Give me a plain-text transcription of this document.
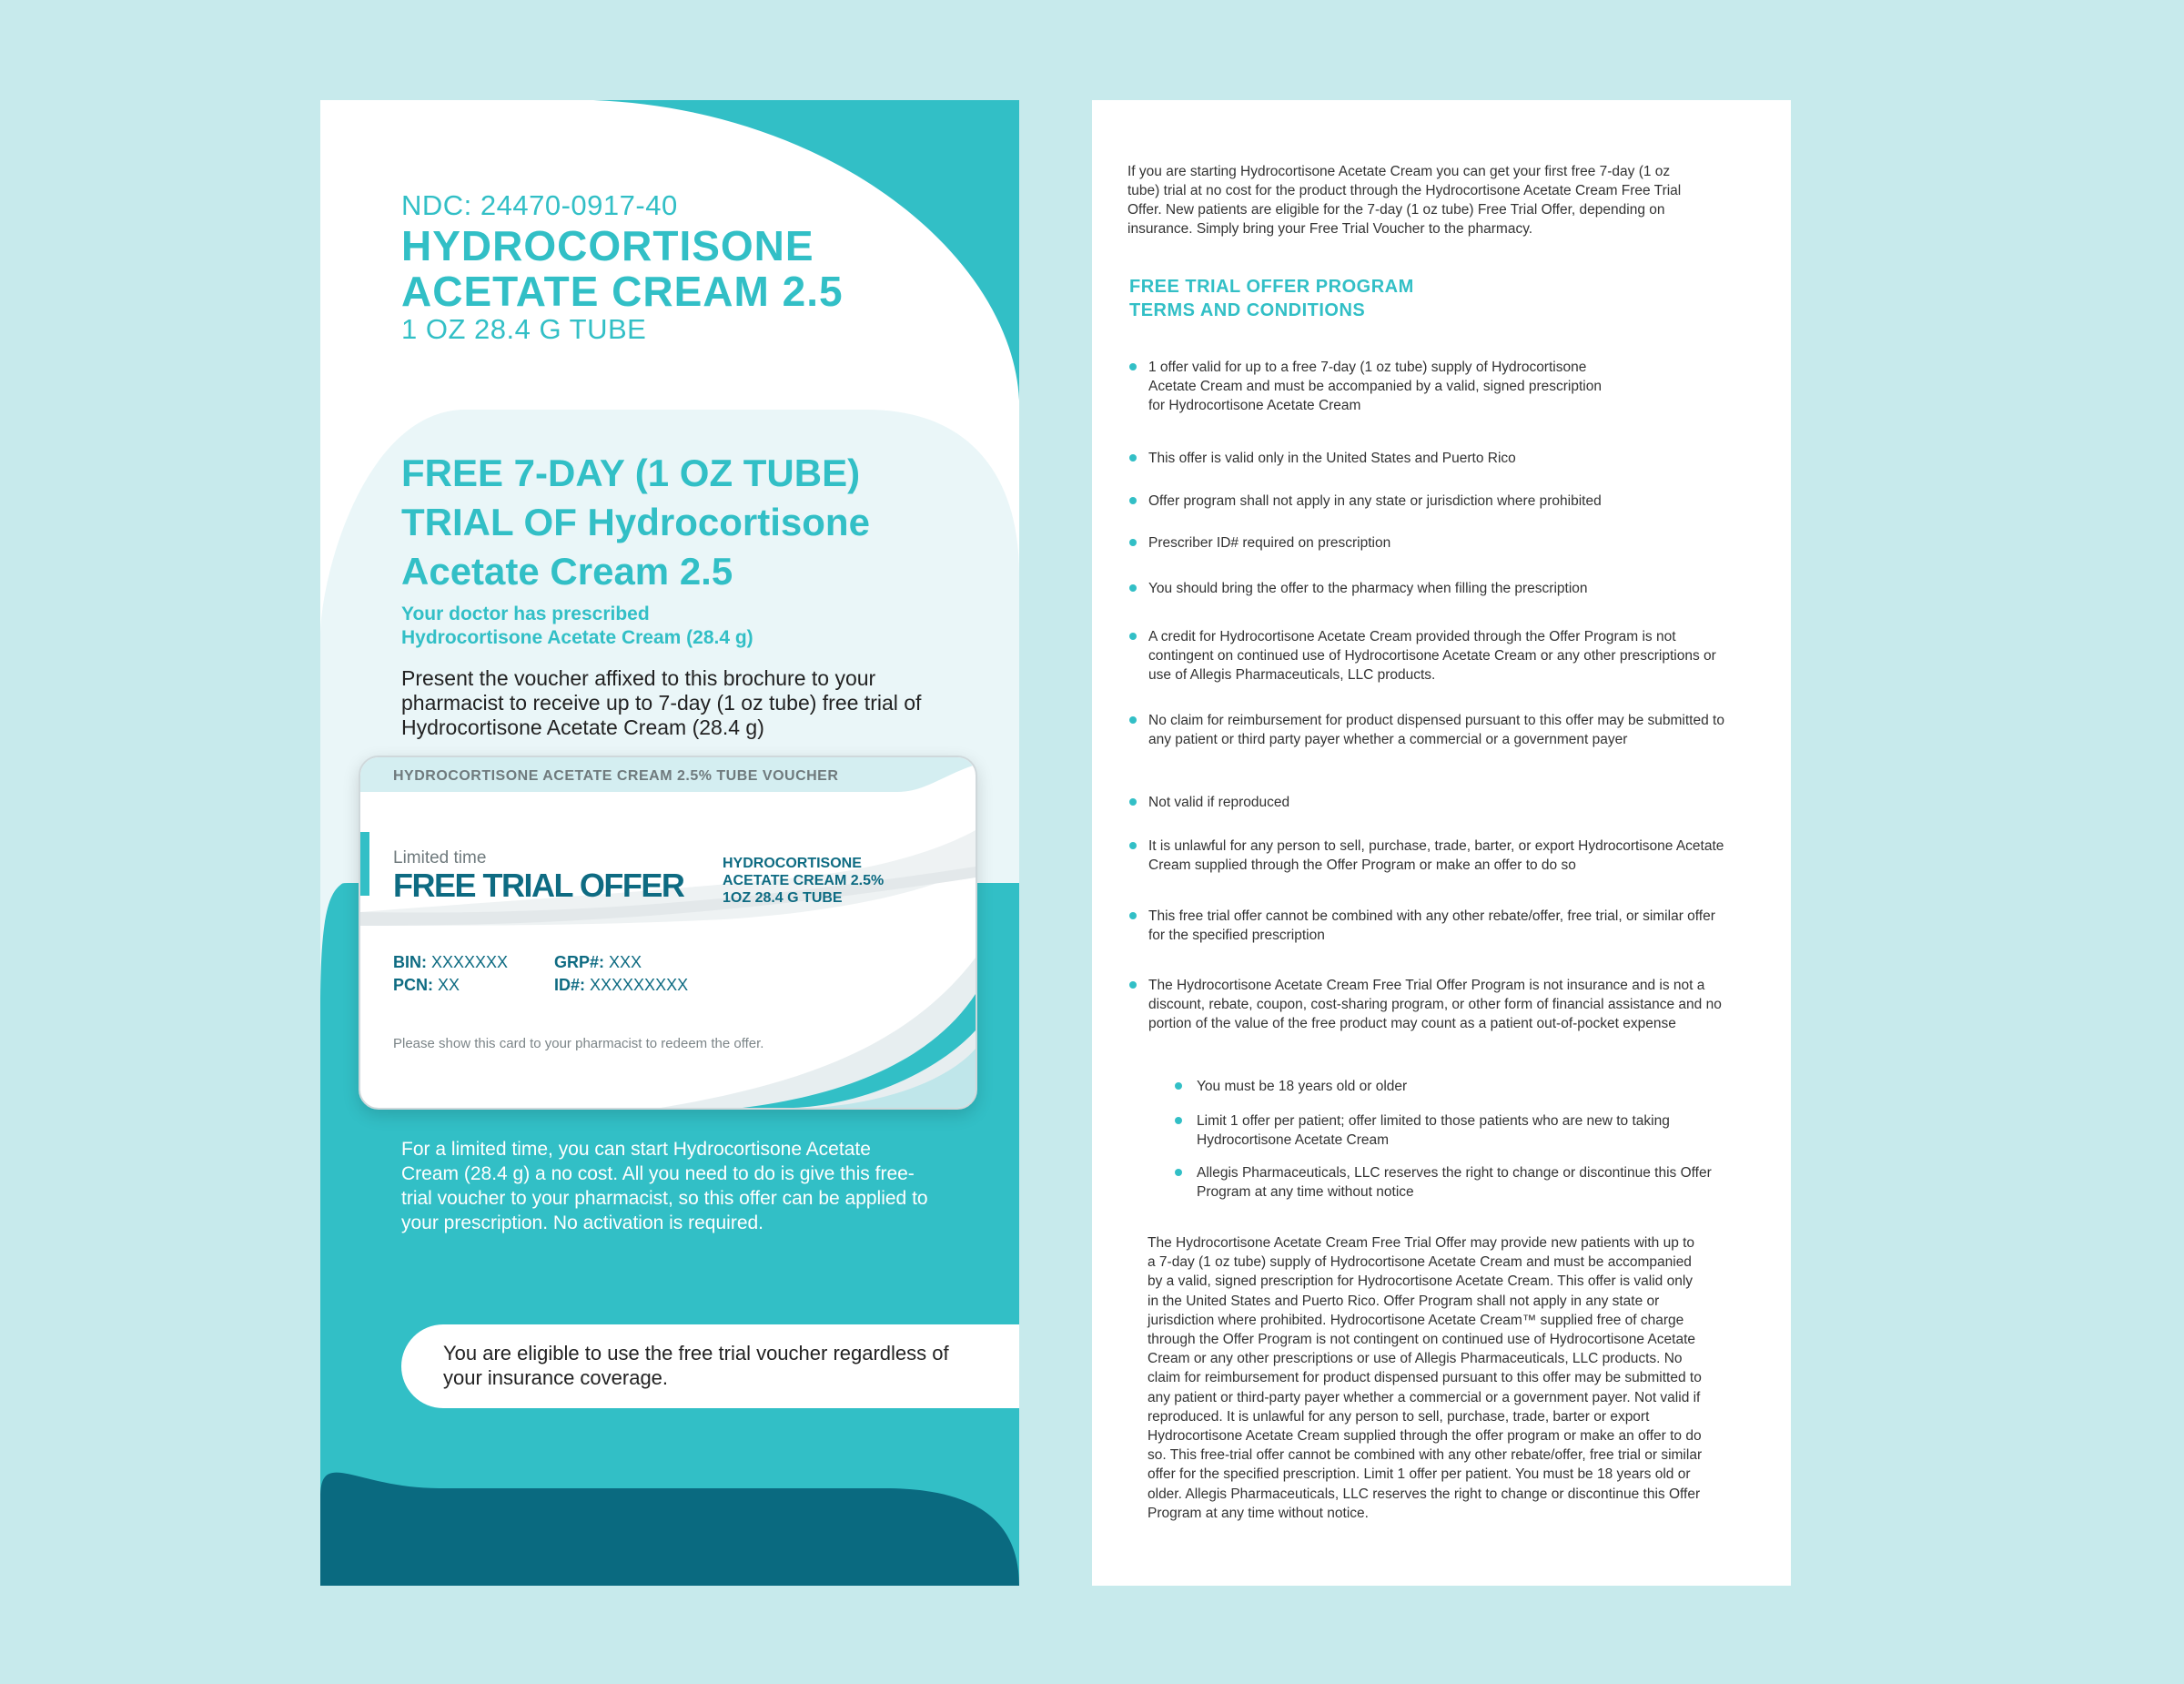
NDC: 24470-0917-40
HYDROCORTISONE
ACETATE CREAM 2.5
1 OZ 28.4 G TUBE
FREE 7-DAY (1 OZ TUBE)
TRIAL OF Hydrocortisone
Acetate Cream 2.5
Your doctor has prescribed
Hydrocortisone Acetate Cream (28.4 g)
Present the voucher affixed to this brochure to your pharmacist to receive up to 7-day (1 oz tube) free trial of Hydrocortisone Acetate Cream (28.4 g)
HYDROCORTISONE ACETATE CREAM 2.5% TUBE VOUCHER
Limited time
FREE TRIAL OFFER
HYDROCORTISONE
ACETATE CREAM 2.5%
1OZ 28.4 G TUBE
BIN: XXXXXXX
PCN: XX
GRP#: XXX
ID#: XXXXXXXXX
Please show this card to your pharmacist to redeem the offer.
For a limited time, you can start Hydrocortisone Acetate Cream (28.4 g) a no cost. All you need to do is give this free-trial voucher to your pharmacist, so this offer can be applied to your prescription. No activation is required.
You are eligible to use the free trial voucher regardless of your insurance coverage.
If you are starting Hydrocortisone Acetate Cream you can get your first free 7-day (1 oz tube) trial at no cost for the product through the Hydrocortisone Acetate Cream Free Trial Offer. New patients are eligible for the 7-day (1 oz tube) Free Trial Offer, depending on insurance. Simply bring your Free Trial Voucher to the pharmacy.
FREE TRIAL OFFER PROGRAM
TERMS AND CONDITIONS
1 offer valid for up to a free 7-day (1 oz tube) supply of Hydrocortisone Acetate Cream and must be accompanied by a valid, signed prescription for Hydrocortisone Acetate Cream
This offer is valid only in the United States and Puerto Rico
Offer program shall not apply in any state or jurisdiction where prohibited
Prescriber ID# required on prescription
You should bring the offer to the pharmacy when filling the prescription
A credit for Hydrocortisone Acetate Cream provided through the Offer Program is not contingent on continued use of Hydrocortisone Acetate Cream or any other prescriptions or use of Allegis Pharmaceuticals, LLC products.
No claim for reimbursement for product dispensed pursuant to this offer may be submitted to any patient or third party payer whether a commercial or a government payer
Not valid if reproduced
It is unlawful for any person to sell, purchase, trade, barter, or export Hydrocortisone Acetate Cream supplied through the Offer Program or make an offer to do so
This free trial offer cannot be combined with any other rebate/offer, free trial, or similar offer for the specified prescription
The Hydrocortisone Acetate Cream Free Trial Offer Program is not insurance and is not a discount, rebate, coupon, cost-sharing program, or other form of financial assistance and no portion of the value of the free product may count as a patient out-of-pocket expense
You must be 18 years old or older
Limit 1 offer per patient; offer limited to those patients who are new to taking Hydrocortisone Acetate Cream
Allegis Pharmaceuticals, LLC reserves the right to change or discontinue this Offer Program at any time without notice
The Hydrocortisone Acetate Cream Free Trial Offer may provide new patients with up to a 7-day (1 oz tube) supply of Hydrocortisone Acetate Cream and must be accompanied by a valid, signed prescription for Hydrocortisone Acetate Cream. This offer is valid only in the United States and Puerto Rico. Offer Program shall not apply in any state or jurisdiction where prohibited. Hydrocortisone Acetate Cream™ supplied free of charge through the Offer Program is not contingent on continued use of Hydrocortisone Acetate Cream or any other prescriptions or use of Allegis Pharmaceuticals, LLC products. No claim for reimbursement for product dispensed pursuant to this offer may be submitted to any patient or third-party payer whether a commercial or a government payer. Not valid if reproduced. It is unlawful for any person to sell, purchase, trade, barter or export Hydrocortisone Acetate Cream supplied through the offer program or make an offer to do so. This free-trial offer cannot be combined with any other rebate/offer, free trial or similar offer for the specified prescription. Limit 1 offer per patient. You must be 18 years old or older. Allegis Pharmaceuticals, LLC reserves the right to change or discontinue this Offer Program at any time without notice.
